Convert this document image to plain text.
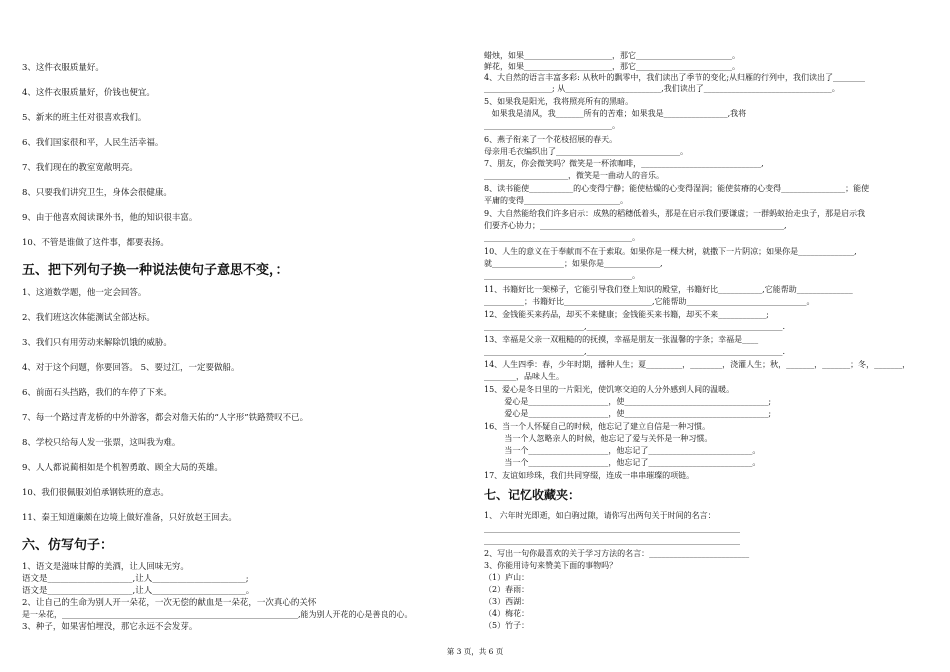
3、这件衣服质量好。
4、这件衣服质量好，价钱也便宜。
5、新来的班主任对很喜欢我们。
6、我们国家很和平，人民生活幸福。
7、我们现在的教室宽敞明亮。
8、只要我们讲究卫生，身体会很健康。
9、由于他喜欢阅读课外书，他的知识很丰富。
10、不管是谁做了这件事，都要表扬。
五、把下列句子换一种说法使句子意思不变，：
1、这道数学题，他一定会回答。
2、我们班这次体能测试全部达标。
3、我们只有用劳动来解除饥饿的威胁。
4、对于这个问题，你要回答。 5、要过江，一定要做船。
6、前面石头挡路，我们的车停了下来。
7、每一个路过青龙桥的中外游客，都会对詹天佑的“人字形”铁路赞叹不已。
8、学校只给每人发一张票，这叫我为难。
9、人人都说蔺相如是个机智勇敢、顾全大局的英雄。
10、我们很佩服刘伯承钢铁班的意志。
11、秦王知道廉颇在边境上做好准备，只好放赵王回去。
六、仿写句子：
1、语文是滋味甘醇的美酒，让人回味无穷。
语文是____________________,让人______________________;
语文是____________________,让人______________________。
2、让自己的生命为别人开一朵花，一次无偿的献血是一朵花，一次真心的关怀
是一朵花，___________________________________________________________,能为别人开花的心是善良的心。
3、种子，如果害怕埋没，那它永远不会发芽。
蜡烛，如果______________________，那它________________________。
鲜花，如果______________________，那它________________________。
4、大自然的语言丰富多彩: 从秋叶的飘零中，我们读出了季节的变化;从归雁的行列中，我们读出了________
_________________; 从________________________,我们读出了________________________________。
5、如果我是阳光，我将照亮所有的黑暗。
如果我是清风，我_______所有的苦难；如果我是________________,我将
________________________________。
6、燕子衔来了一个花枝招展的春天。
母亲用毛衣编织出了_______________________________。
7、朋友，你会微笑吗？微笑是一杯浓咖啡，______________________________,
_____________________，微笑是一曲动人的音乐。
8、读书能使___________的心变得宁静；能使枯燥的心变得湿润；能使贫瘠的心变得________________；能使
平庸的变得________________________。
9、大自然能给我们许多启示：成熟的稻穗低着头，那是在启示我们要谦虚；一群蚂蚁抬走虫子，那是启示我
们要齐心协力；_____________________________________________________________,
_____________________________________。
10、人生的意义在于奉献而不在于索取。如果你是一棵大树，就撒下一片阴凉；如果你是______________,
就__________________；如果你是______________,
_____________________________________。
11、书籍好比一架梯子，它能引导我们登上知识的殿堂，书籍好比___________,它能帮助______________
__________；书籍好比______________________,它能帮助______________________________。
12、金钱能买来药品，却买不来健康；金钱能买来书籍，却买不来____________;
_________________________,_________________________________________________.
13、幸福是父亲一双粗糙的的抚摸，幸福是朋友一张温馨的字条；幸福是____
_________________________,_________________________________________________.
14、人生四季：春，少年时期，播种人生；夏_________，________，浇灌人生；秋，_______，_______；冬，_______，
________，品味人生。
15、爱心是冬日里的一片阳光，使饥寒交迫的人分外感到人间的温暖。
爱心是____________________，使____________________________________;
爱心是____________________，使____________________________________;
16、当一个人怀疑自己的时候，他忘记了建立自信是一种习惯。
当一个人忽略亲人的时候，他忘记了爱与关怀是一种习惯。
当一个____________________，他忘记了__________________________。
当一个____________________，他忘记了__________________________。
17、友谊如珍珠，我们共同穿缀，连成一串串璀璨的项链。
七、记忆收藏夹：
1、 六年时光即逝，如白驹过隙，请你写出两句关于时间的名言：
________________________________________________________________
________________________________________________________________
2、写出一句你最喜欢的关于学习方法的名言：_________________________
3、你能用诗句来赞美下面的事物吗？
（1）庐山：
（2）春雨：
（3）西湖：
（4）梅花：
（5）竹子：
第 3 页，共 6 页
